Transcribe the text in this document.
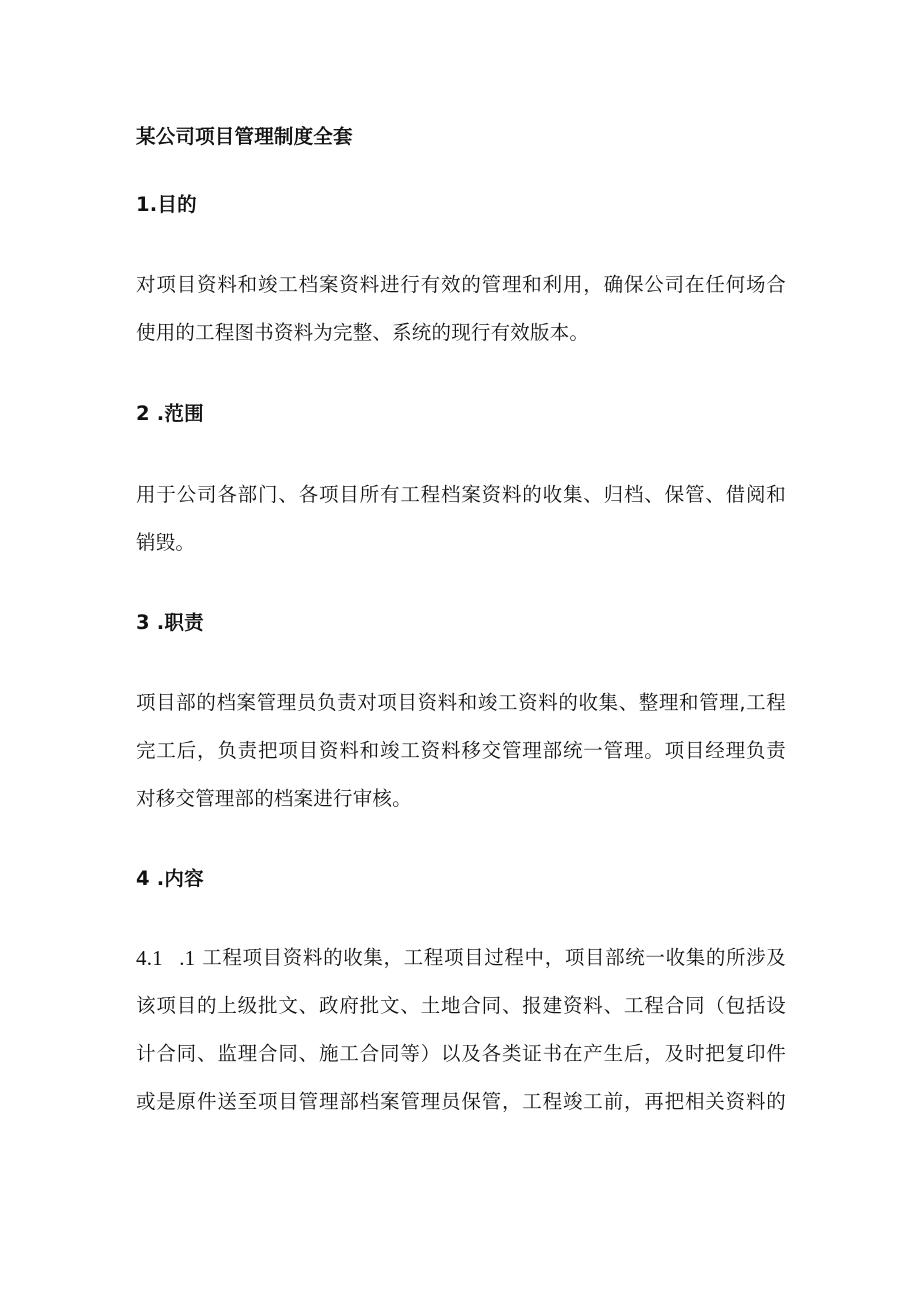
某公司项目管理制度全套
1.目的
对项目资料和竣工档案资料进行有效的管理和利用，确保公司在任何场合
使用的工程图书资料为完整、系统的现行有效版本。
2 .范围
用于公司各部门、各项目所有工程档案资料的收集、归档、保管、借阅和
销毁。
3 .职责
项目部的档案管理员负责对项目资料和竣工资料的收集、整理和管理,工程
完工后，负责把项目资料和竣工资料移交管理部统一管理。项目经理负责
对移交管理部的档案进行审核。
4 .内容
4.1   .1 工程项目资料的收集，工程项目过程中，项目部统一收集的所涉及
该项目的上级批文、政府批文、土地合同、报建资料、工程合同（包括设
计合同、监理合同、施工合同等）以及各类证书在产生后，及时把复印件
或是原件送至项目管理部档案管理员保管，工程竣工前，再把相关资料的
